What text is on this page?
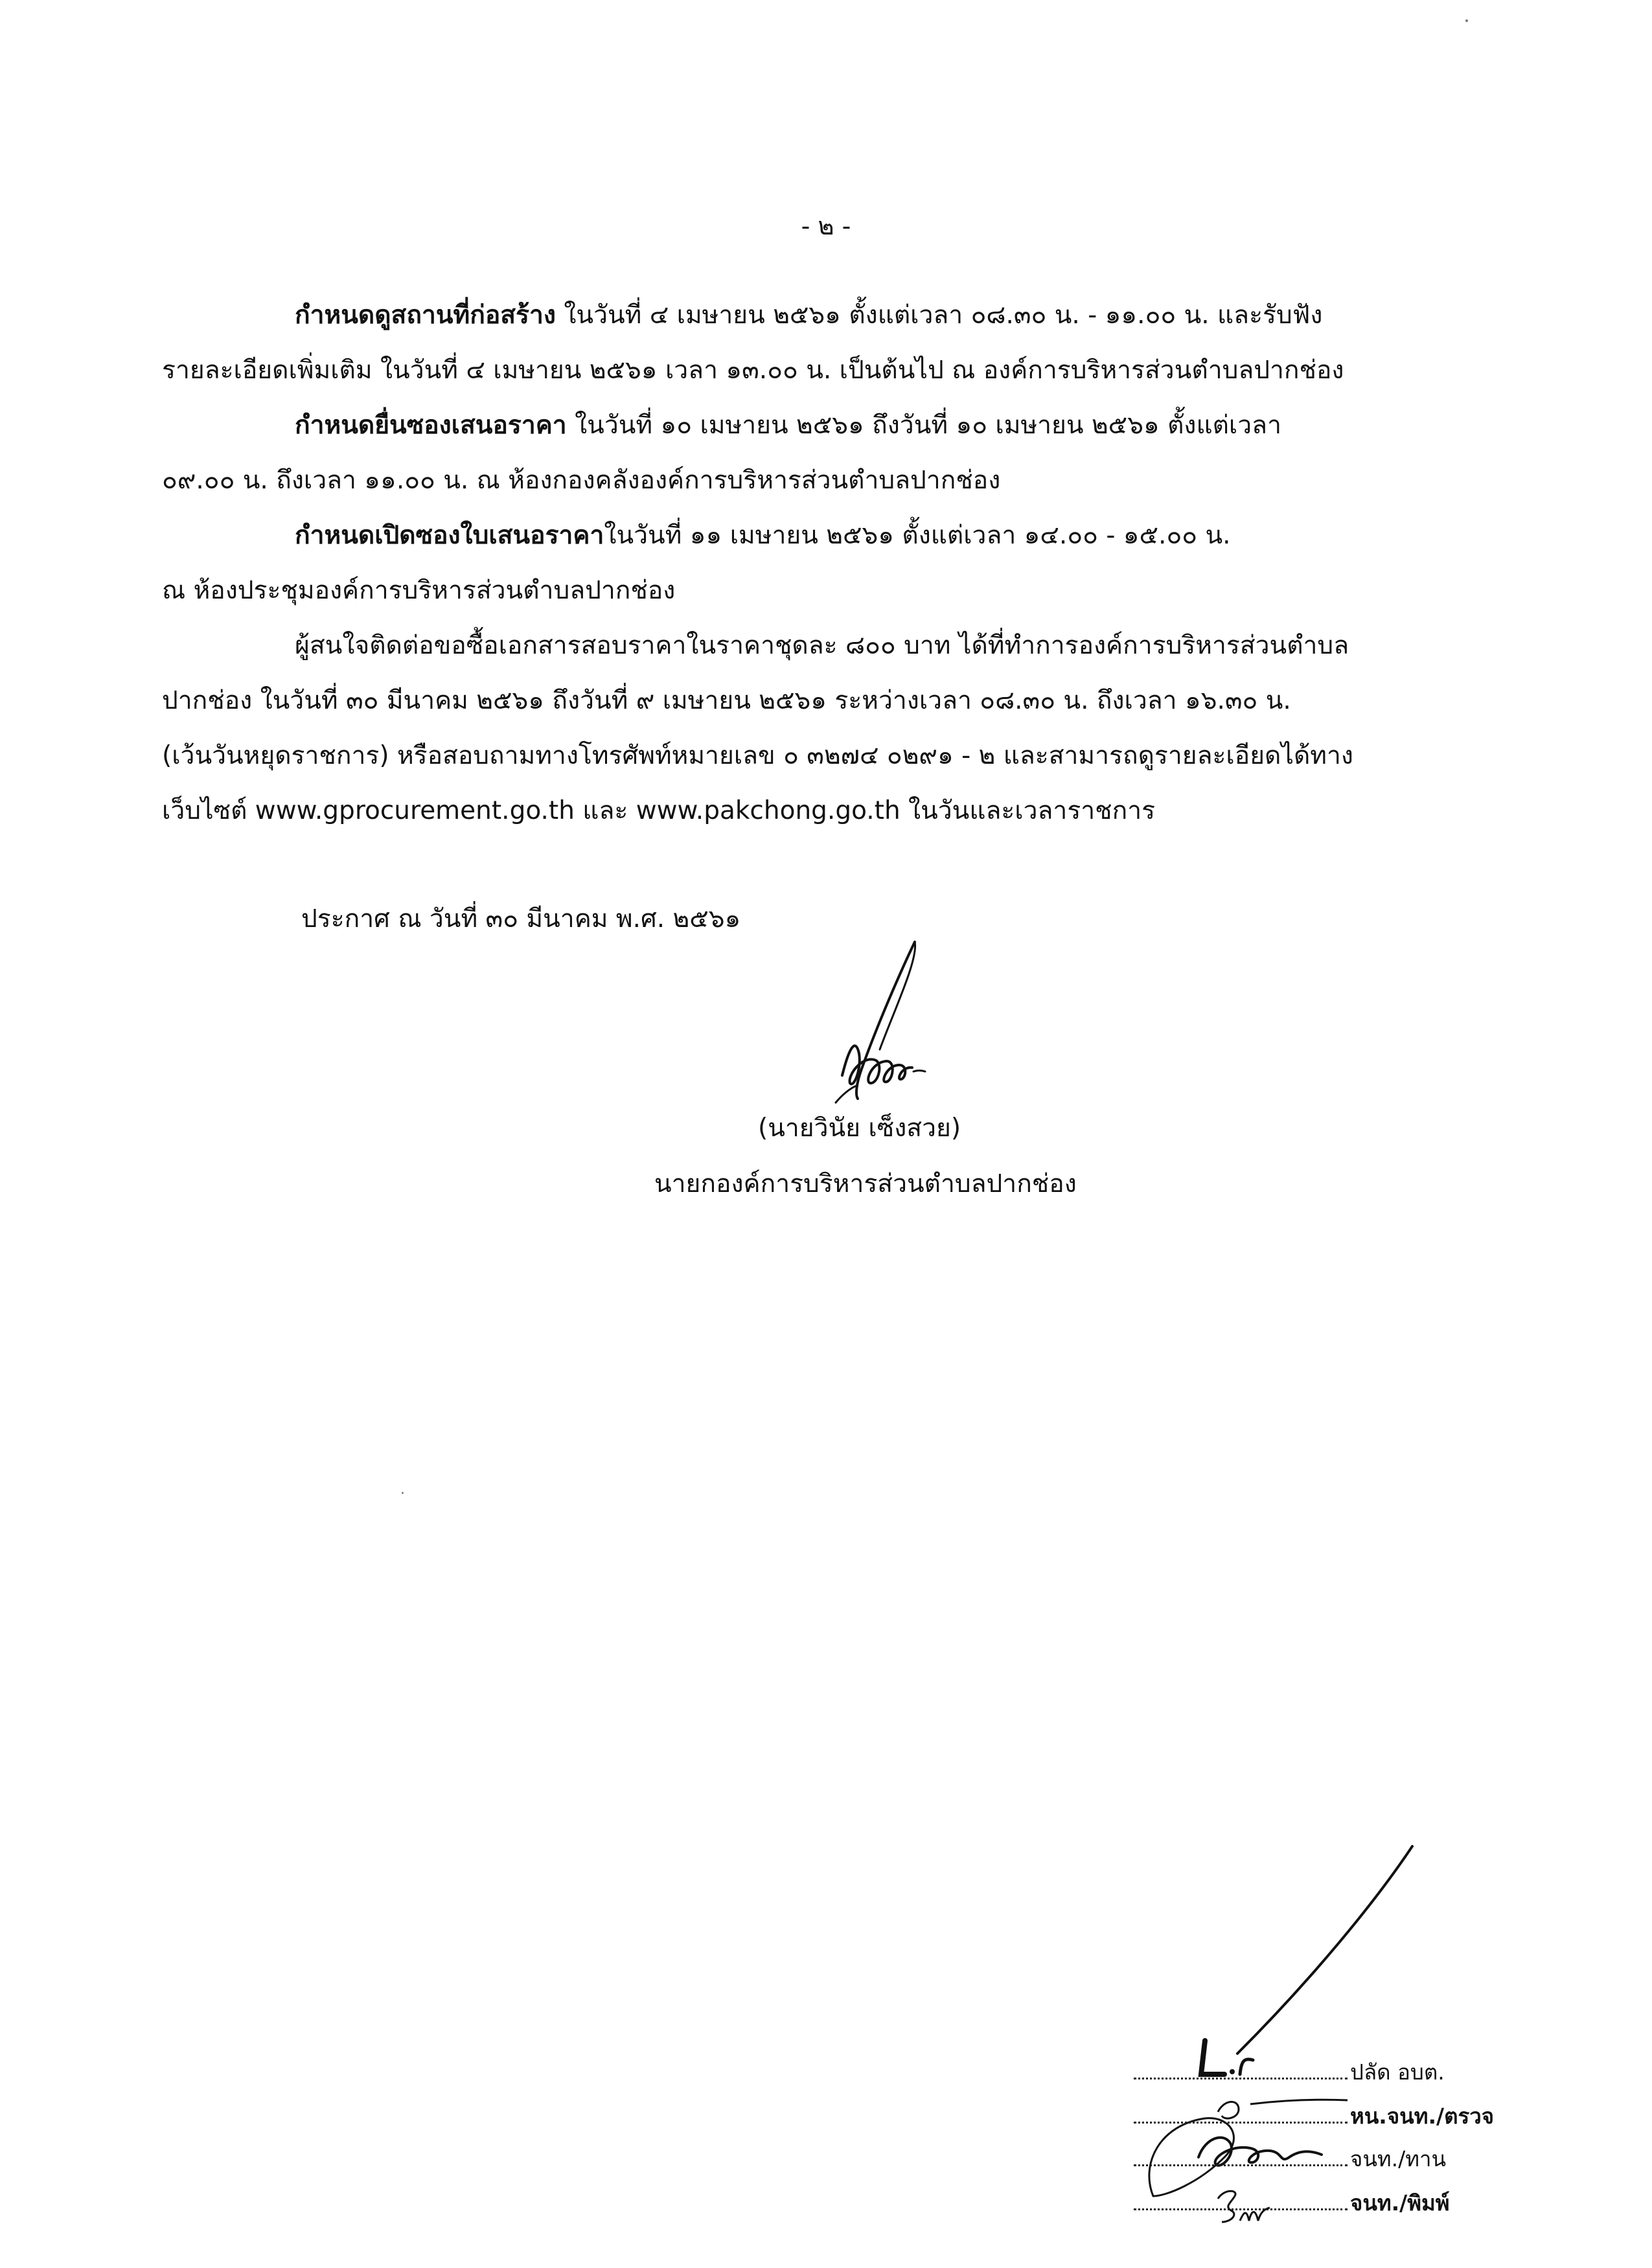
- ๒ -
กำหนดดูสถานที่ก่อสร้าง ในวันที่ ๔ เมษายน ๒๕๖๑ ตั้งแต่เวลา ๐๘.๓๐ น. - ๑๑.๐๐ น. และรับฟัง
รายละเอียดเพิ่มเติม ในวันที่ ๔ เมษายน ๒๕๖๑ เวลา ๑๓.๐๐ น. เป็นต้นไป ณ องค์การบริหารส่วนตำบลปากช่อง
กำหนดยื่นซองเสนอราคา ในวันที่ ๑๐ เมษายน ๒๕๖๑ ถึงวันที่ ๑๐ เมษายน ๒๕๖๑ ตั้งแต่เวลา
๐๙.๐๐ น. ถึงเวลา ๑๑.๐๐ น. ณ ห้องกองคลังองค์การบริหารส่วนตำบลปากช่อง
กำหนดเปิดซองใบเสนอราคาในวันที่ ๑๑ เมษายน ๒๕๖๑ ตั้งแต่เวลา ๑๔.๐๐ - ๑๕.๐๐ น.
ณ ห้องประชุมองค์การบริหารส่วนตำบลปากช่อง
ผู้สนใจติดต่อขอซื้อเอกสารสอบราคาในราคาชุดละ ๘๐๐ บาท ได้ที่ทำการองค์การบริหารส่วนตำบล
ปากช่อง ในวันที่ ๓๐ มีนาคม ๒๕๖๑ ถึงวันที่ ๙ เมษายน ๒๕๖๑ ระหว่างเวลา ๐๘.๓๐ น. ถึงเวลา ๑๖.๓๐ น.
(เว้นวันหยุดราชการ) หรือสอบถามทางโทรศัพท์หมายเลข ๐ ๓๒๗๔ ๐๒๙๑ - ๒ และสามารถดูรายละเอียดได้ทาง
เว็บไซต์ www.gprocurement.go.th และ www.pakchong.go.th ในวันและเวลาราชการ
ประกาศ ณ วันที่ ๓๐ มีนาคม พ.ศ. ๒๕๖๑
(นายวินัย เซ็งสวย)
นายกองค์การบริหารส่วนตำบลปากช่อง
ปลัด อบต.
หน.จนท./ตรวจ
จนท./ทาน
จนท./พิมพ์
